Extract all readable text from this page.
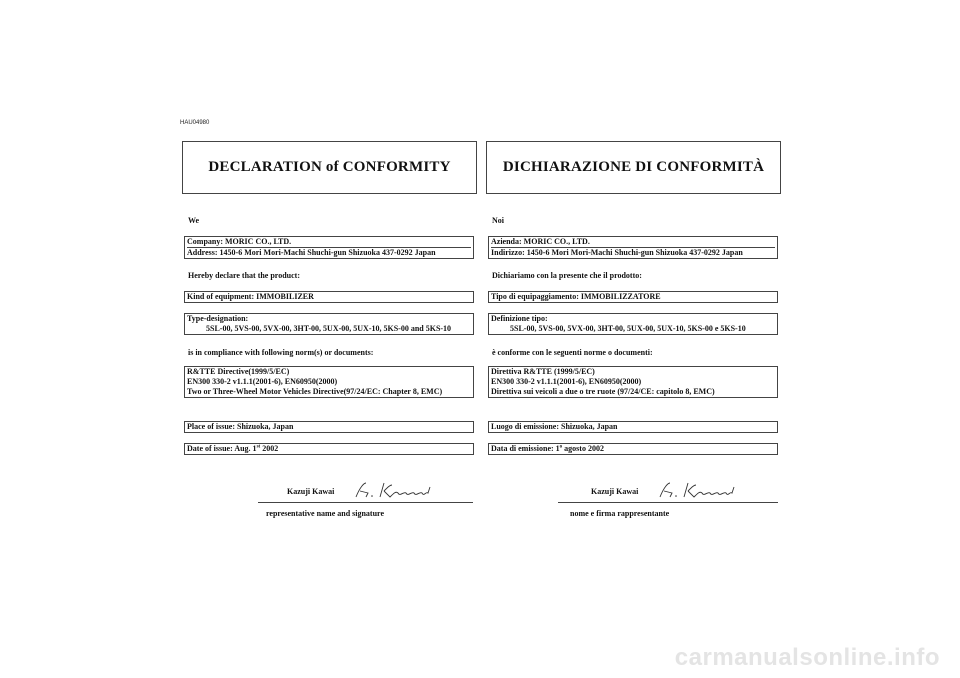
HAU04980
DECLARATION of CONFORMITY
We
Company: MORIC CO., LTD.
Address: 1450-6 Mori Mori-Machi Shuchi-gun Shizuoka 437-0292 Japan
Hereby declare that the product:
Kind of equipment: IMMOBILIZER
Type-designation:
5SL-00, 5VS-00, 5VX-00, 3HT-00, 5UX-00, 5UX-10, 5KS-00 and 5KS-10
is in compliance with following norm(s) or documents:
R&TTE Directive(1999/5/EC)
EN300 330-2 v1.1.1(2001-6), EN60950(2000)
Two or Three-Wheel Motor Vehicles Directive(97/24/EC: Chapter 8, EMC)
Place of issue: Shizuoka, Japan
Date of issue: Aug. 1st 2002
Kazuji Kawai
representative name and signature
DICHIARAZIONE DI CONFORMITÀ
Noi
Azienda: MORIC CO., LTD.
Indirizzo: 1450-6 Mori Mori-Machi Shuchi-gun Shizuoka 437-0292 Japan
Dichiariamo con la presente che il prodotto:
Tipo di equipaggiamento: IMMOBILIZZATORE
Definizione tipo:
5SL-00, 5VS-00, 5VX-00, 3HT-00, 5UX-00, 5UX-10, 5KS-00 e 5KS-10
è conforme con le seguenti norme o documenti:
Direttiva R&TTE (1999/5/EC)
EN300 330-2 v1.1.1(2001-6), EN60950(2000)
Direttiva sui veicoli a due o tre ruote (97/24/CE: capitolo 8, EMC)
Luogo di emissione: Shizuoka, Japan
Data di emissione: 1$^o$ agosto 2002
Kazuji Kawai
nome e firma rappresentante
carmanualsonline.info
